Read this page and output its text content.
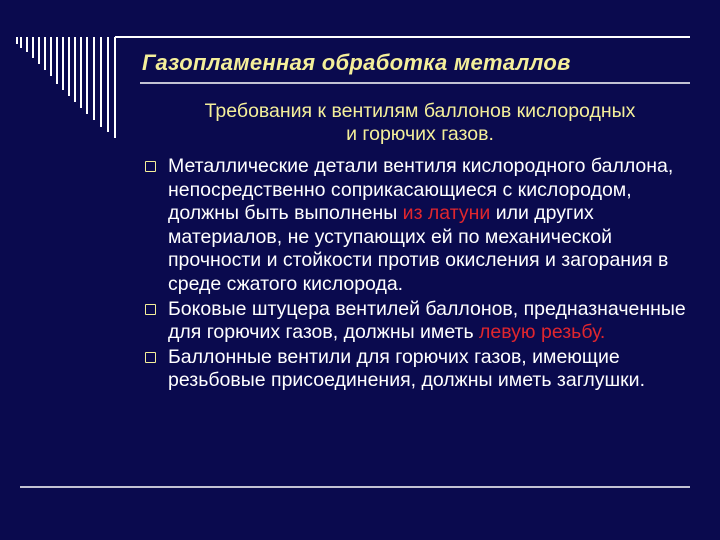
Газопламенная обработка металлов
Требования к вентилям баллонов кислородных и горючих газов.
Металлические детали вентиля кислородного баллона, непосредственно соприкасающиеся с кислородом, должны быть выполнены из латуни или других материалов, не уступающих ей по механической прочности и стойкости против окисления и загорания в среде сжатого кислорода.
Боковые штуцера вентилей баллонов, предназначенные для горючих газов, должны иметь левую резьбу.
Баллонные вентили для горючих газов, имеющие резьбовые присоединения, должны иметь заглушки.
